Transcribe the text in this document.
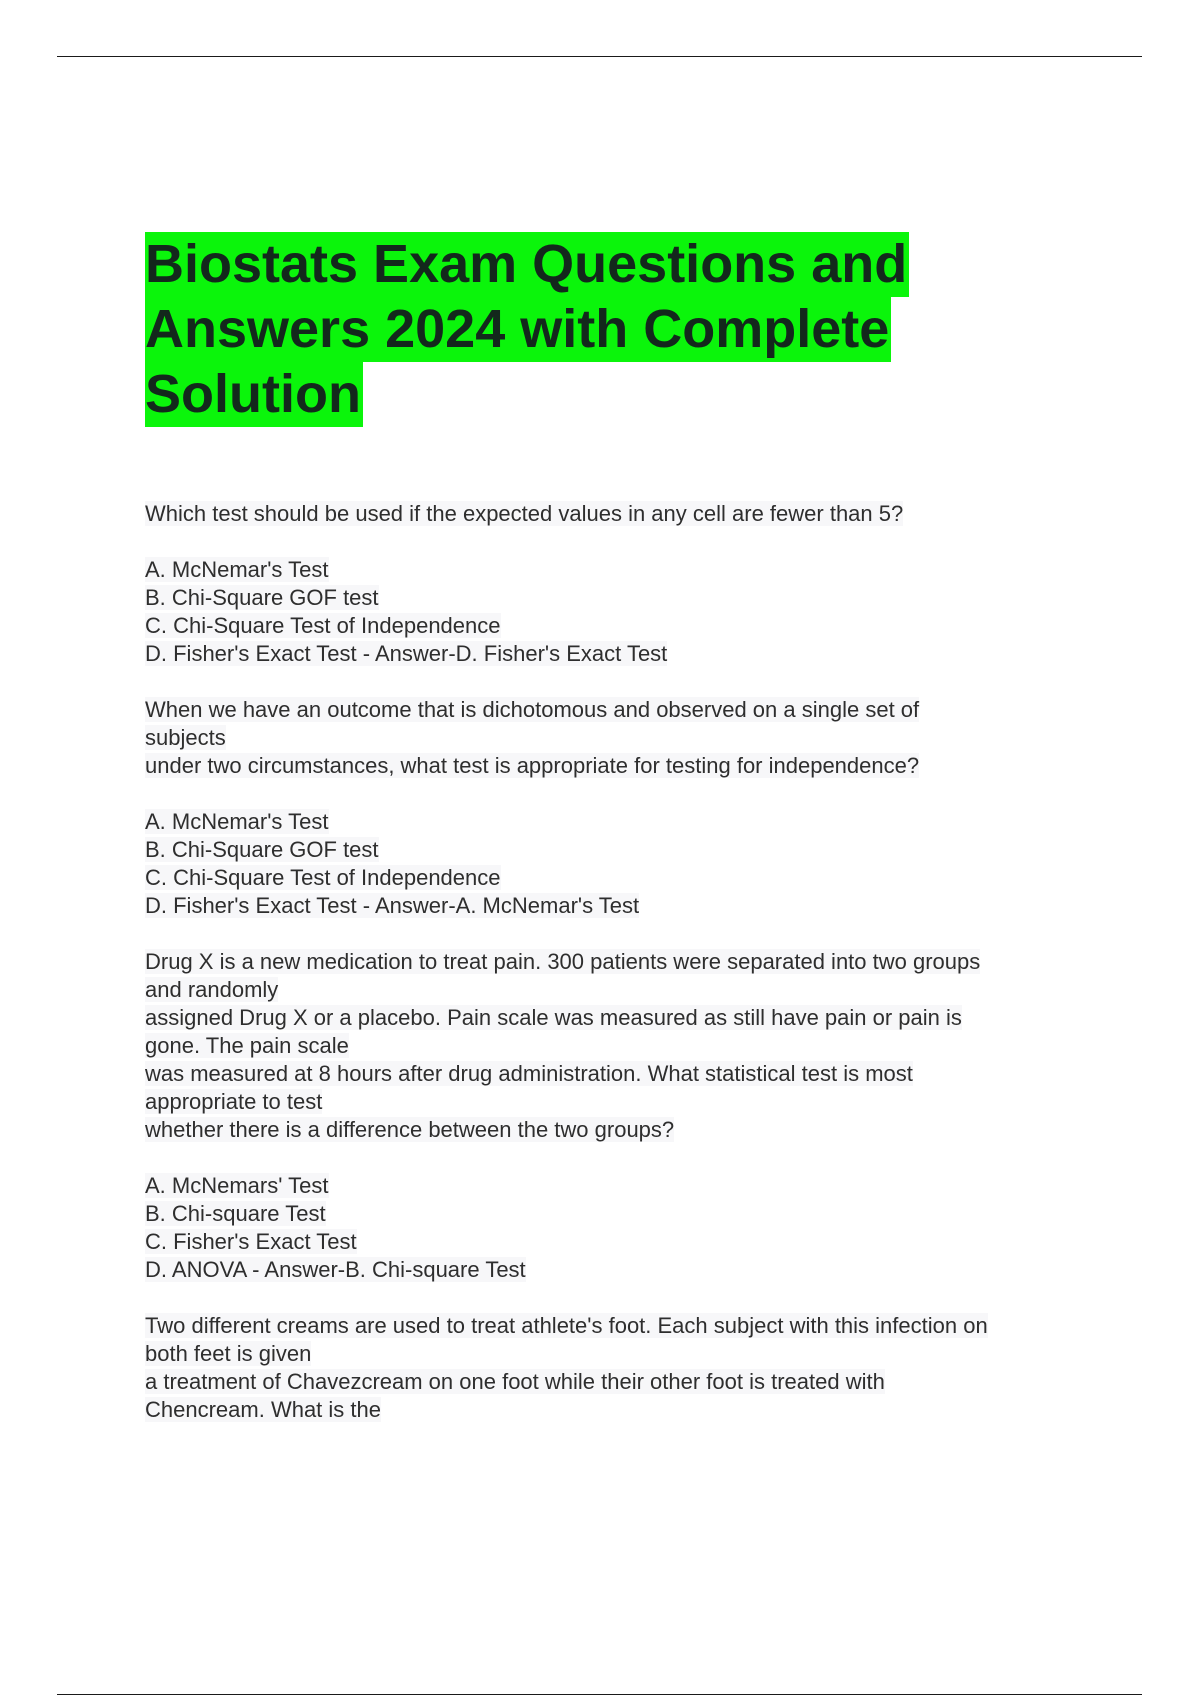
Biostats Exam Questions and
Answers 2024 with Complete
Solution
Which test should be used if the expected values in any cell are fewer than 5?
A. McNemar's Test
B. Chi-Square GOF test
C. Chi-Square Test of Independence
D. Fisher's Exact Test - Answer-D. Fisher's Exact Test
When we have an outcome that is dichotomous and observed on a single set of
subjects
under two circumstances, what test is appropriate for testing for independence?
A. McNemar's Test
B. Chi-Square GOF test
C. Chi-Square Test of Independence
D. Fisher's Exact Test - Answer-A. McNemar's Test
Drug X is a new medication to treat pain. 300 patients were separated into two groups
and randomly
assigned Drug X or a placebo. Pain scale was measured as still have pain or pain is
gone. The pain scale
was measured at 8 hours after drug administration. What statistical test is most
appropriate to test
whether there is a difference between the two groups?
A. McNemars' Test
B. Chi-square Test
C. Fisher's Exact Test
D. ANOVA - Answer-B. Chi-square Test
Two different creams are used to treat athlete's foot. Each subject with this infection on
both feet is given
a treatment of Chavezcream on one foot while their other foot is treated with
Chencream. What is the
